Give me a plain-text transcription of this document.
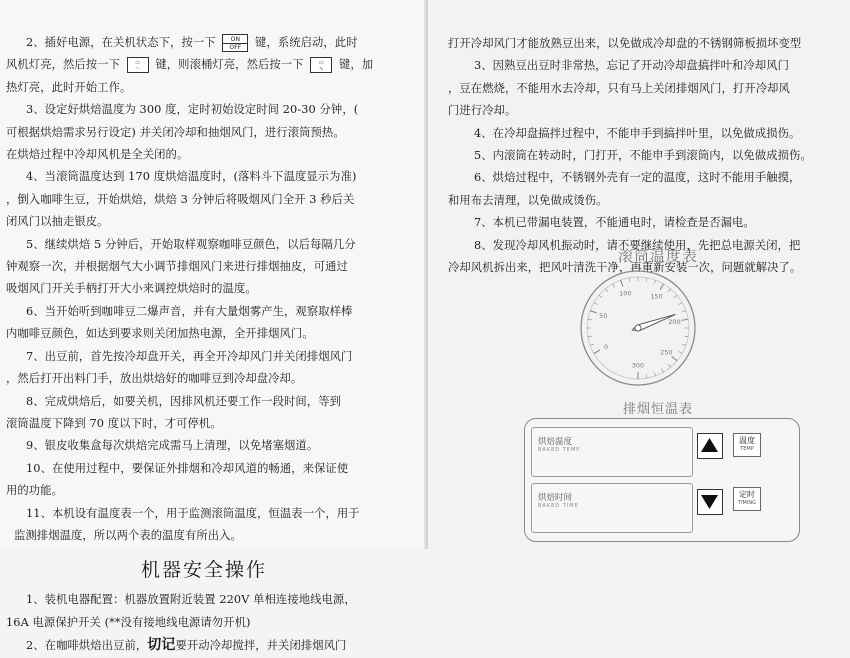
2、插好电源，在关机状态下，按一下	ON
OFF	键，系统启动，此时
风机灯亮，然后按一下	▭
〜 键，则滚桶灯亮，然后按一下	▭
∿ 键，加
热灯亮，此时开始工作。
3、设定好烘焙温度为 300 度，定时初始设定时间 20-30 分钟，(
可根据烘焙需求另行设定) 并关闭冷却和抽烟风门，进行滚筒预热。
在烘焙过程中冷却风机是全关闭的。
4、当滚筒温度达到 170 度烘焙温度时，(落料斗下温度显示为准)
，倒入咖啡生豆，开始烘焙，烘焙 3 分钟后将吸烟风门全开 3 秒后关
闭风门以抽走银皮。
5、继续烘焙 5 分钟后，开始取样观察咖啡豆颜色，以后每隔几分
钟观察一次，并根据烟气大小调节排烟风门来进行排烟抽皮，可通过
吸烟风门开关手柄打开大小来调控烘焙时的温度。
6、当开始听到咖啡豆二爆声音，并有大量烟雾产生，观察取样棒
内咖啡豆颜色，如达到要求则关闭加热电源，全开排烟风门。
7、出豆前，首先按冷却盘开关，再全开冷却风门并关闭排烟风门
，然后打开出料门手，放出烘焙好的咖啡豆到冷却盘冷却。
8、完成烘焙后，如要关机，因排风机还要工作一段时间，等到
滚筒温度下降到 70 度以下时，才可停机。
9、银皮收集盒每次烘焙完成需马上清理，以免堵塞烟道。
10、在使用过程中，要保证外排烟和冷却风道的畅通，来保证使
用的功能。
11、本机设有温度表一个，用于监测滚筒温度，恒温表一个，用于
监测排烟温度，所以两个表的温度有所出入。
机器安全操作
1、装机电器配置：机器放置附近装置 220V 单相连接地线电源，
16A 电源保护开关 (**没有接地线电源请勿开机)
2、在咖啡烘焙出豆前，切记要开动冷却搅拌，并关闭排烟风门
打开冷却风门才能放熟豆出来，以免做成冷却盘的不锈钢筛板损坏变型
3、因熟豆出豆时非常热，忘记了开动冷却盘搞拌叶和冷却风门
，豆在燃烧，不能用水去冷却，只有马上关闭排烟风门，打开冷却风
门进行冷却。
4、在冷却盘搞拌过程中，不能申手到搞拌叶里，以免做成损伤。
5、内滚筒在转动时，门打开，不能申手到滚筒内，以免做成损伤。
6、烘焙过程中，不锈钢外壳有一定的温度，这时不能用手触摸，
和用布去清理，以免做成烫伤。
7、本机已带漏电装置，不能通电时，请检查是否漏电。
8、发现冷却风机振动时，请不要继续使用，先把总电源关闭，把
冷却风机拆出来，把风叶清洗干净，再重新安装一次，问题就解决了。
滚筒温度表
0
50
100	150
200
250
300
排烟恒温表
烘焙温度
BAKED TEMP
烘焙时间
BAKED TIME
温度
TEMP
定时
TIMING
